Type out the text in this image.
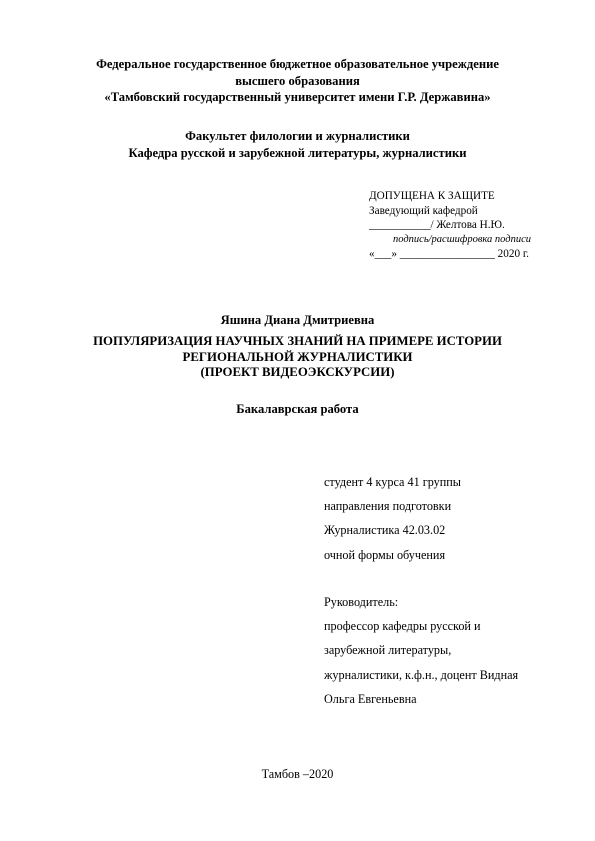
Федеральное государственное бюджетное образовательное учреждение
высшего образования
«Тамбовский государственный университет имени Г.Р. Державина»
Факультет филологии и журналистики
Кафедра русской и зарубежной литературы, журналистики
ДОПУЩЕНА К ЗАЩИТЕ
Заведующий кафедрой
___________/ Желтова Н.Ю.
подпись/расшифровка подписи
«___» _________________ 2020 г.
Яшина Диана Дмитриевна
ПОПУЛЯРИЗАЦИЯ НАУЧНЫХ ЗНАНИЙ НА ПРИМЕРЕ ИСТОРИИ
РЕГИОНАЛЬНОЙ ЖУРНАЛИСТИКИ
(ПРОЕКТ ВИДЕОЭКСКУРСИИ)
Бакалаврская работа
студент 4 курса 41 группы
направления подготовки
Журналистика 42.03.02
очной формы обучения
Руководитель:
профессор кафедры русской и
зарубежной литературы,
журналистики, к.ф.н., доцент Видная
Ольга Евгеньевна
Тамбов –2020
